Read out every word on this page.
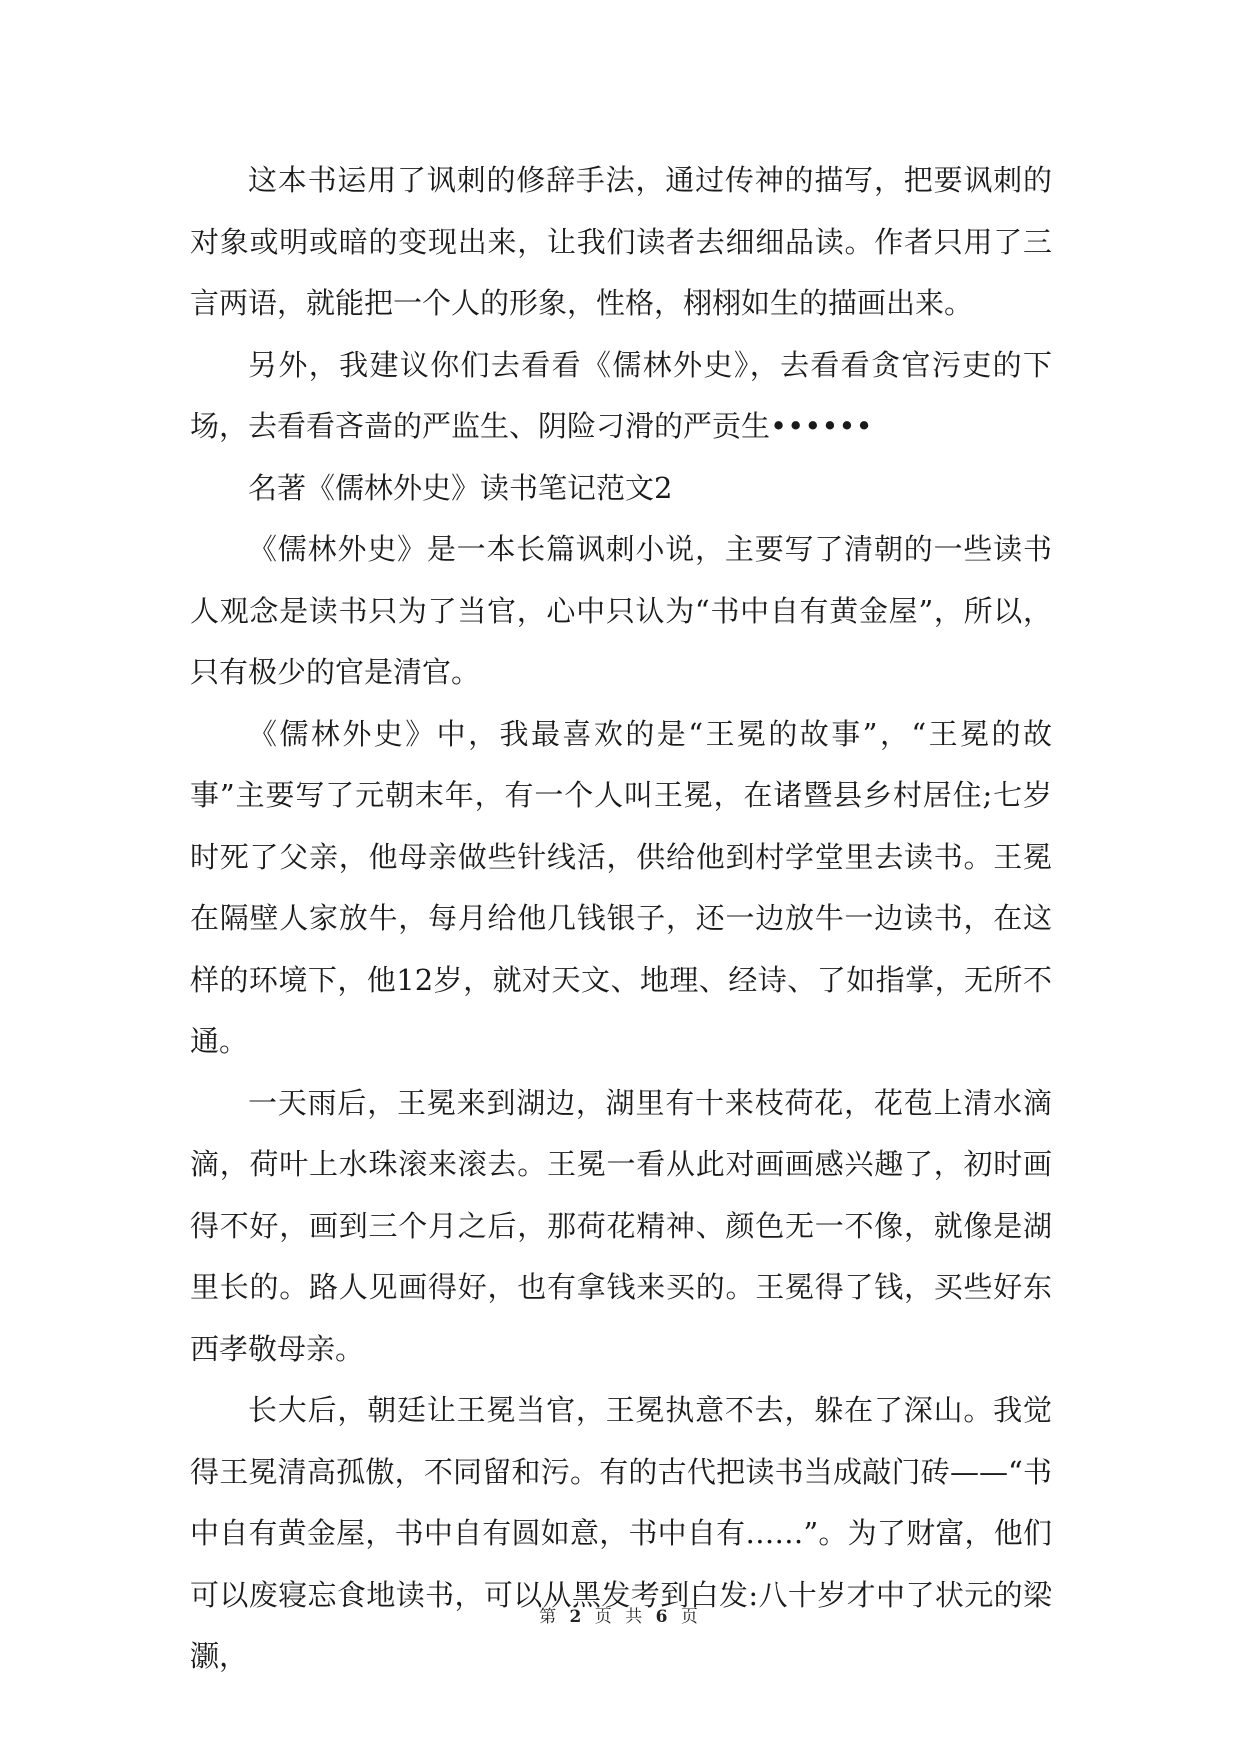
这本书运用了讽刺的修辞手法，通过传神的描写，把要讽刺的对象或明或暗的变现出来，让我们读者去细细品读。作者只用了三言两语，就能把一个人的形象，性格，栩栩如生的描画出来。

另外，我建议你们去看看《儒林外史》，去看看贪官污吏的下场，去看看吝啬的严监生、阴险刁滑的严贡生••••••

名著《儒林外史》读书笔记范文2

《儒林外史》是一本长篇讽刺小说，主要写了清朝的一些读书人观念是读书只为了当官，心中只认为“书中自有黄金屋”，所以，只有极少的官是清官。

《儒林外史》中，我最喜欢的是“王冕的故事”，“王冕的故事”主要写了元朝末年，有一个人叫王冕，在诸暨县乡村居住;七岁时死了父亲，他母亲做些针线活，供给他到村学堂里去读书。王冕在隔壁人家放牛，每月给他几钱银子，还一边放牛一边读书，在这样的环境下，他12岁，就对天文、地理、经诗、了如指掌，无所不通。

一天雨后，王冕来到湖边，湖里有十来枝荷花，花苞上清水滴滴，荷叶上水珠滚来滚去。王冕一看从此对画画感兴趣了，初时画得不好，画到三个月之后，那荷花精神、颜色无一不像，就像是湖里长的。路人见画得好，也有拿钱来买的。王冕得了钱，买些好东西孝敬母亲。

长大后，朝廷让王冕当官，王冕执意不去，躲在了深山。我觉得王冕清高孤傲，不同留和污。有的古代把读书当成敲门砖——“书中自有黄金屋，书中自有圆如意，书中自有……”。为了财富，他们可以废寝忘食地读书，可以从黑发考到白发:八十岁才中了状元的梁灏，

第 2 页 共 6 页
